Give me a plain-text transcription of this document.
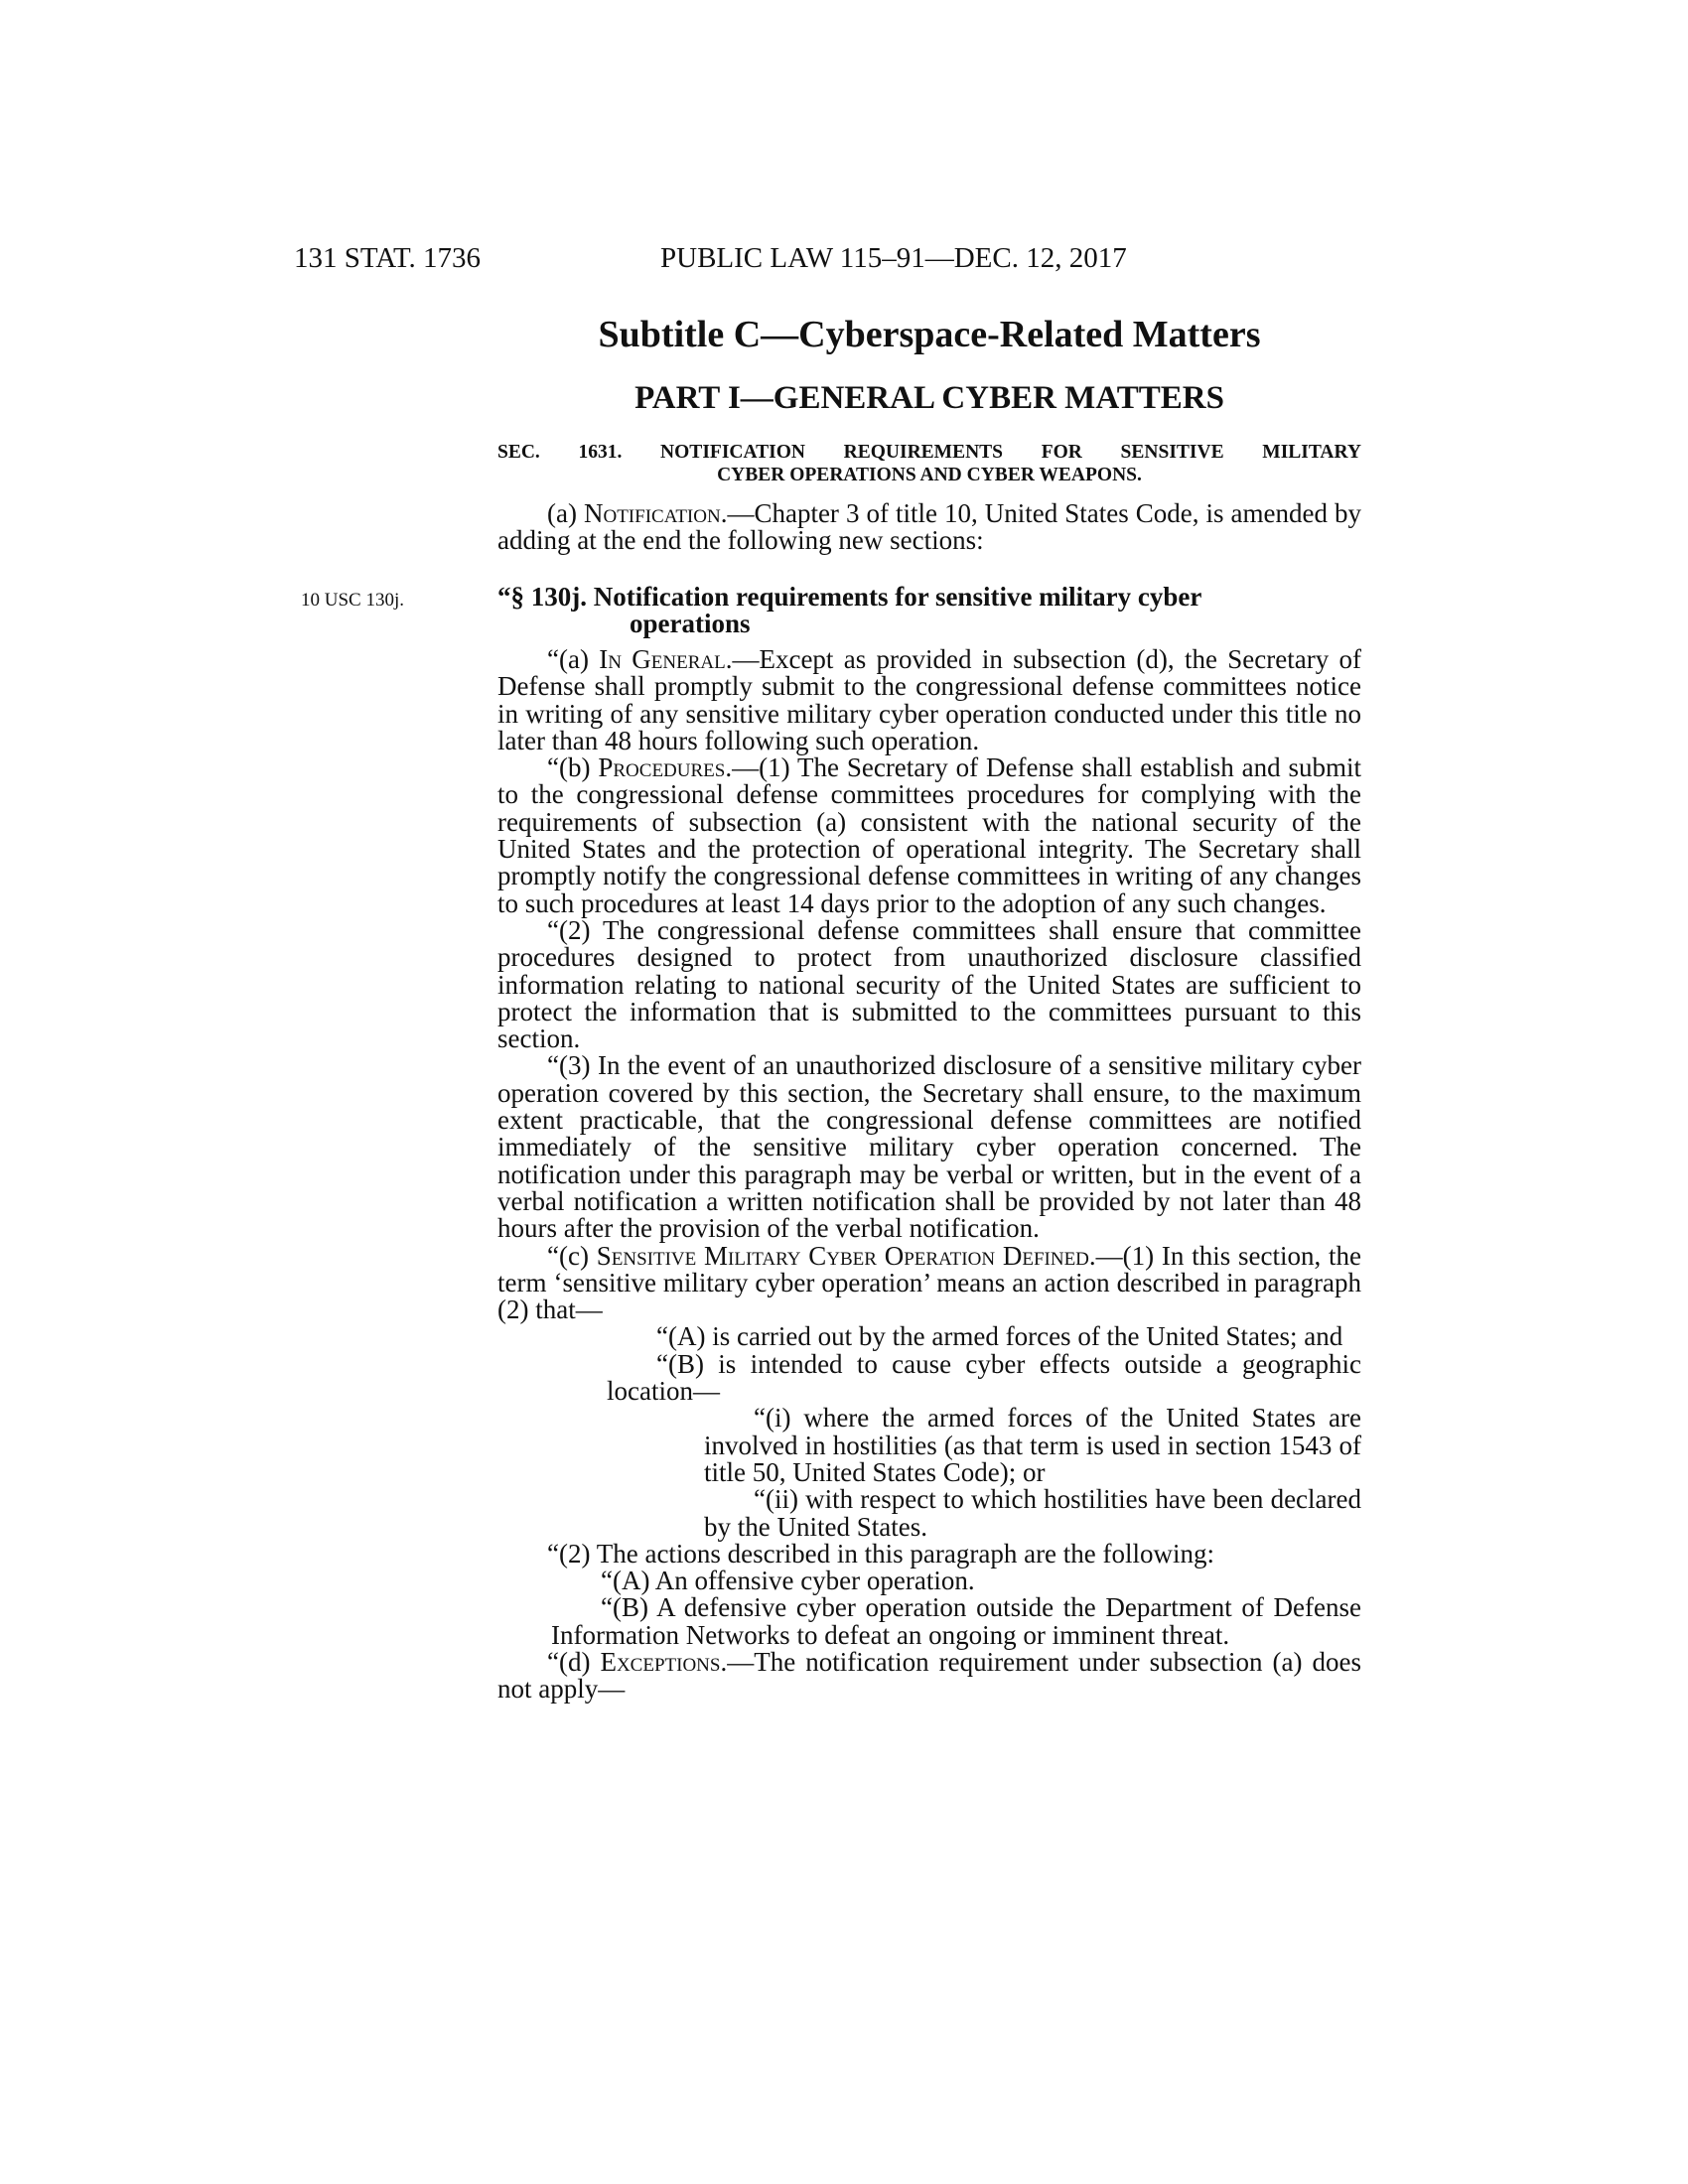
131 STAT. 1736	PUBLIC LAW 115–91—DEC. 12, 2017
Subtitle C—Cyberspace-Related Matters
PART I—GENERAL CYBER MATTERS
SEC. 1631. NOTIFICATION REQUIREMENTS FOR SENSITIVE MILITARY
CYBER OPERATIONS AND CYBER WEAPONS.

(a) Notification.—Chapter 3 of title 10, United States Code, is amended by adding at the end the following new sections:

10 USC 130j.	“§ 130j. Notification requirements for sensitive military cyber
operations

“(a) In General.—Except as provided in subsection (d), the Secretary of Defense shall promptly submit to the congressional defense committees notice in writing of any sensitive military cyber operation conducted under this title no later than 48 hours following such operation.

“(b) Procedures.—(1) The Secretary of Defense shall establish and submit to the congressional defense committees procedures for complying with the requirements of subsection (a) consistent with the national security of the United States and the protection of operational integrity. The Secretary shall promptly notify the congressional defense committees in writing of any changes to such procedures at least 14 days prior to the adoption of any such changes.

“(2) The congressional defense committees shall ensure that committee procedures designed to protect from unauthorized disclosure classified information relating to national security of the United States are sufficient to protect the information that is submitted to the committees pursuant to this section.

“(3) In the event of an unauthorized disclosure of a sensitive military cyber operation covered by this section, the Secretary shall ensure, to the maximum extent practicable, that the congressional defense committees are notified immediately of the sensitive military cyber operation concerned. The notification under this paragraph may be verbal or written, but in the event of a verbal notification a written notification shall be provided by not later than 48 hours after the provision of the verbal notification.

“(c) Sensitive Military Cyber Operation Defined.—(1) In this section, the term ‘sensitive military cyber operation’ means an action described in paragraph (2) that—

“(A) is carried out by the armed forces of the United States; and

“(B) is intended to cause cyber effects outside a geographic location—

“(i) where the armed forces of the United States are involved in hostilities (as that term is used in section 1543 of title 50, United States Code); or

“(ii) with respect to which hostilities have been declared by the United States.

“(2) The actions described in this paragraph are the following:

“(A) An offensive cyber operation.

“(B) A defensive cyber operation outside the Department of Defense Information Networks to defeat an ongoing or imminent threat.

“(d) Exceptions.—The notification requirement under subsection (a) does not apply—
